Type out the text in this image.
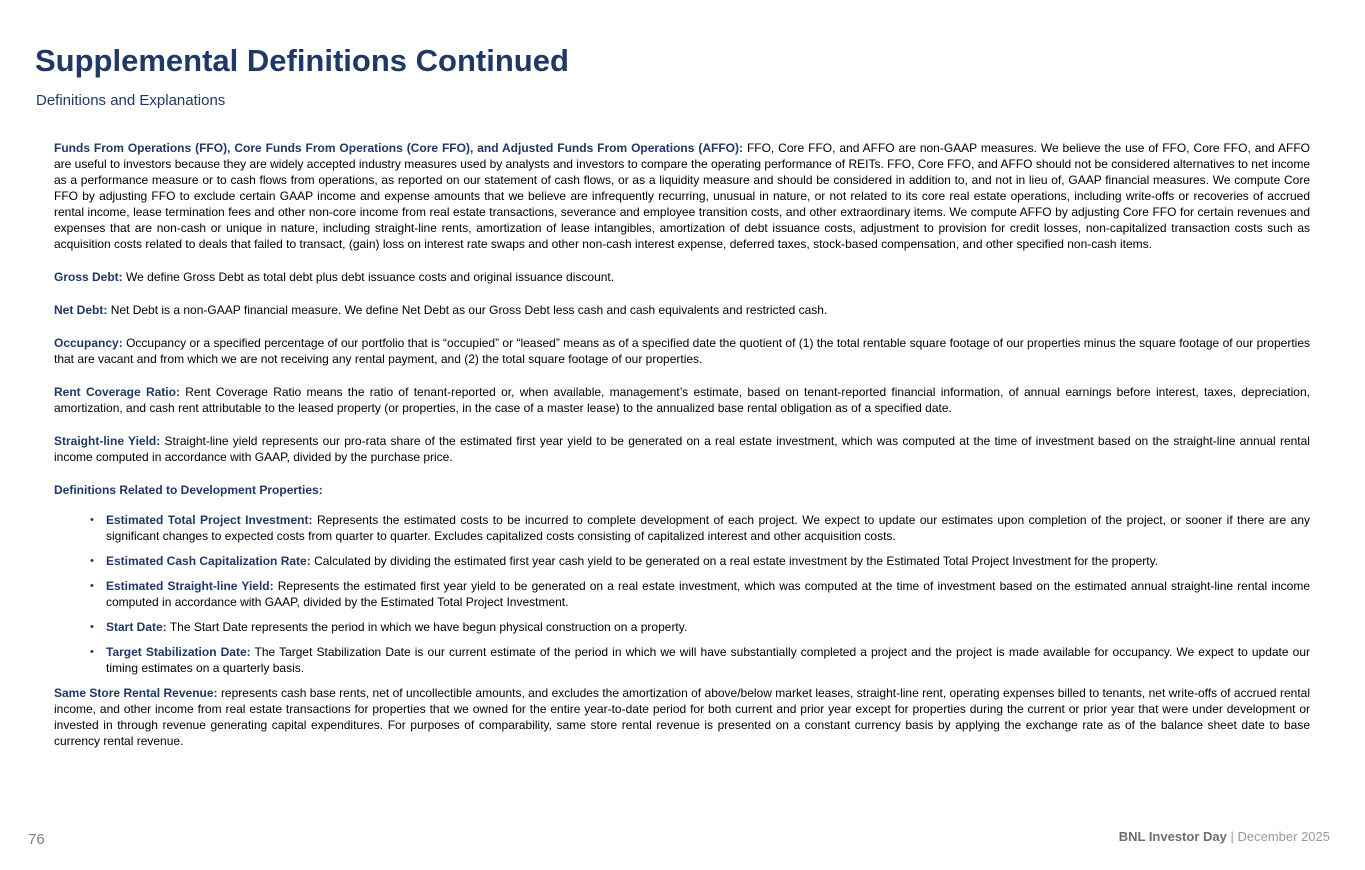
Supplemental Definitions Continued
Definitions and Explanations

Funds From Operations (FFO), Core Funds From Operations (Core FFO), and Adjusted Funds From Operations (AFFO): FFO, Core FFO, and AFFO are non-GAAP measures. We believe the use of FFO, Core FFO, and AFFO are useful to investors because they are widely accepted industry measures used by analysts and investors to compare the operating performance of REITs. FFO, Core FFO, and AFFO should not be considered alternatives to net income as a performance measure or to cash flows from operations, as reported on our statement of cash flows, or as a liquidity measure and should be considered in addition to, and not in lieu of, GAAP financial measures. We compute Core FFO by adjusting FFO to exclude certain GAAP income and expense amounts that we believe are infrequently recurring, unusual in nature, or not related to its core real estate operations, including write-offs or recoveries of accrued rental income, lease termination fees and other non-core income from real estate transactions, severance and employee transition costs, and other extraordinary items. We compute AFFO by adjusting Core FFO for certain revenues and expenses that are non-cash or unique in nature, including straight-line rents, amortization of lease intangibles, amortization of debt issuance costs, adjustment to provision for credit losses, non-capitalized transaction costs such as acquisition costs related to deals that failed to transact, (gain) loss on interest rate swaps and other non-cash interest expense, deferred taxes, stock-based compensation, and other specified non-cash items.

Gross Debt: We define Gross Debt as total debt plus debt issuance costs and original issuance discount.

Net Debt: Net Debt is a non-GAAP financial measure. We define Net Debt as our Gross Debt less cash and cash equivalents and restricted cash.

Occupancy: Occupancy or a specified percentage of our portfolio that is “occupied” or “leased” means as of a specified date the quotient of (1) the total rentable square footage of our properties minus the square footage of our properties that are vacant and from which we are not receiving any rental payment, and (2) the total square footage of our properties.

Rent Coverage Ratio: Rent Coverage Ratio means the ratio of tenant-reported or, when available, management’s estimate, based on tenant-reported financial information, of annual earnings before interest, taxes, depreciation, amortization, and cash rent attributable to the leased property (or properties, in the case of a master lease) to the annualized base rental obligation as of a specified date.

Straight-line Yield: Straight-line yield represents our pro-rata share of the estimated first year yield to be generated on a real estate investment, which was computed at the time of investment based on the straight-line annual rental income computed in accordance with GAAP, divided by the purchase price.

Definitions Related to Development Properties:

•	Estimated Total Project Investment: Represents the estimated costs to be incurred to complete development of each project. We expect to update our estimates upon completion of the project, or sooner if there are any significant changes to expected costs from quarter to quarter. Excludes capitalized costs consisting of capitalized interest and other acquisition costs.
•	Estimated Cash Capitalization Rate: Calculated by dividing the estimated first year cash yield to be generated on a real estate investment by the Estimated Total Project Investment for the property.
•	Estimated Straight-line Yield: Represents the estimated first year yield to be generated on a real estate investment, which was computed at the time of investment based on the estimated annual straight-line rental income computed in accordance with GAAP, divided by the Estimated Total Project Investment.
•	Start Date: The Start Date represents the period in which we have begun physical construction on a property.
•	Target Stabilization Date: The Target Stabilization Date is our current estimate of the period in which we will have substantially completed a project and the project is made available for occupancy. We expect to update our timing estimates on a quarterly basis.

Same Store Rental Revenue: represents cash base rents, net of uncollectible amounts, and excludes the amortization of above/below market leases, straight-line rent, operating expenses billed to tenants, net write-offs of accrued rental income, and other income from real estate transactions for properties that we owned for the entire year-to-date period for both current and prior year except for properties during the current or prior year that were under development or invested in through revenue generating capital expenditures. For purposes of comparability, same store rental revenue is presented on a constant currency basis by applying the exchange rate as of the balance sheet date to base currency rental revenue.

76	BNL Investor Day | December 2025
